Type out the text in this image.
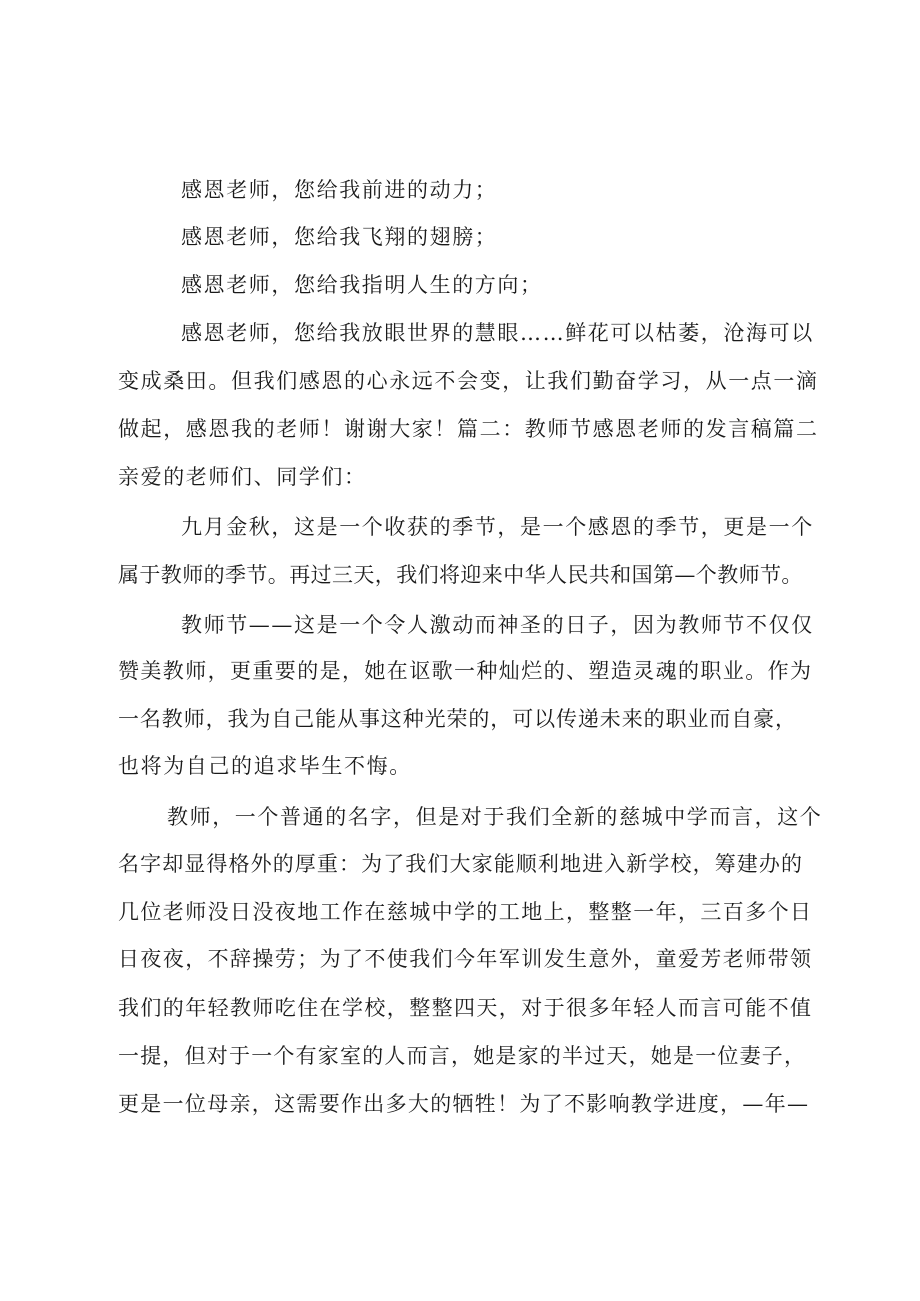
感恩老师，您给我前进的动力；
感恩老师，您给我飞翔的翅膀；
感恩老师，您给我指明人生的方向；
感恩老师，您给我放眼世界的慧眼……鲜花可以枯萎，沧海可以
变成桑田。但我们感恩的心永远不会变，让我们勤奋学习，从一点一滴
做起，感恩我的老师！谢谢大家！篇二：教师节感恩老师的发言稿篇二
亲爱的老师们、同学们：
九月金秋，这是一个收获的季节，是一个感恩的季节，更是一个
属于教师的季节。再过三天，我们将迎来中华人民共和国第—个教师节。
教师节——这是一个令人激动而神圣的日子，因为教师节不仅仅
赞美教师，更重要的是，她在讴歌一种灿烂的、塑造灵魂的职业。作为
一名教师，我为自己能从事这种光荣的，可以传递未来的职业而自豪，
也将为自己的追求毕生不悔。
教师，一个普通的名字，但是对于我们全新的慈城中学而言，这个
名字却显得格外的厚重：为了我们大家能顺利地进入新学校，筹建办的
几位老师没日没夜地工作在慈城中学的工地上，整整一年，三百多个日
日夜夜，不辞操劳；为了不使我们今年军训发生意外，童爱芳老师带领
我们的年轻教师吃住在学校，整整四天，对于很多年轻人而言可能不值
一提，但对于一个有家室的人而言，她是家的半过天，她是一位妻子，
更是一位母亲，这需要作出多大的牺牲！为了不影响教学进度，—年—
